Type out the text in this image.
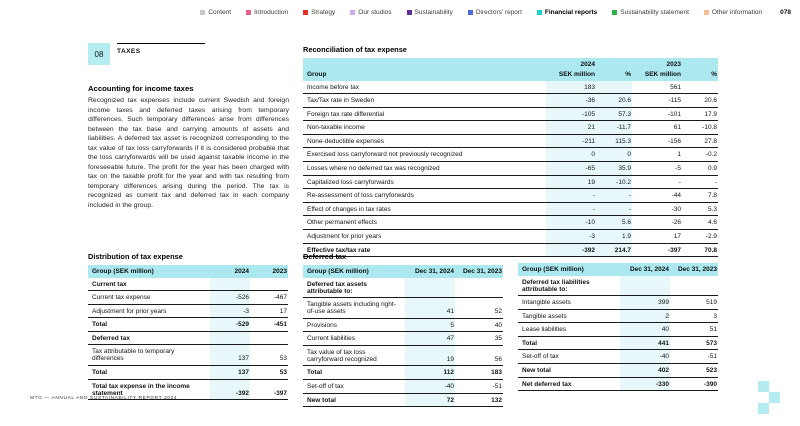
Content	Introduction	Strategy	Our studios	Sustainability	Directors' report	Financial reports	Sustainability statement	Other information	078
08 TAXES
Accounting for income taxes

Recognized tax expenses include current Swedish and foreign income taxes and deferred taxes arising from temporary differences. Such temporary differences arise from differences between the tax base and carrying amounts of assets and liabilities. A deferred tax asset is recognized corresponding to the tax value of tax loss carryforwards if it is considered probable that the loss carryforwards will be used against taxable income in the foreseeable future. The profit for the year has been charged with tax on the taxable profit for the year and with tax resulting from temporary differences arising during the period. The tax is recognized as current tax and deferred tax in each company included in the group.

Reconciliation of tax expense
	2024		2023	
Group	SEK million	%	SEK million	%
Income before tax	183		561	
Tax/Tax rate in Sweden	-36	20.6	-115	20.6
Foreign tax rate differential	-105	57.3	-101	17.9
Non-taxable income	21	-11.7	61	-10.8
None-deductible expenses	-211	115.3	-156	27.8
Exercised loss carryforward not previously recognized	0	0	1	-0.2
Losses where no deferred tax was recognized	-65	35.9	-5	0.9
Capitalized loss carryforwards	19	-10.2	-	-
Re-assessment of loss carryforwards	-	-	-44	7.8
Effect of changes in tax rates	-	-	-30	5.3
Other permanent effects	-10	5.6	-26	4.6
Adjustment for prior years	-3	1.9	17	-2.9
Effective tax/tax rate	-392	214.7	-397	70.8
Distribution of tax expense
Group (SEK million)	2024	2023
Current tax		
Current tax expense	-526	-467
Adjustment for prior years	-3	17
Total	-529	-451
Deferred tax		
Tax attributable to temporary differences	137	53
Total	137	53
Total tax expense in the income statement	-392	-397
Deferred tax
Group (SEK million)	Dec 31, 2024	Dec 31, 2023
Deferred tax assets attributable to:		
Tangible assets including right-of-use assets	41	52
Provisions	5	40
Current liabilities	47	35
Tax value of tax loss carryforward recognized	19	56
Total	112	183
Set-off of tax	-40	-51
New total	72	132
Group (SEK million)	Dec 31, 2024	Dec 31, 2023
Deferred tax liabilities attributable to:		
Intangible assets	399	519
Tangible assets	2	3
Lease liabilities	40	51
Total	441	573
Set-off of tax	-40	-51
New total	402	523
Net deferred tax	-330	-390
MTG — ANNUAL AND SUSTAINABILITY REPORT 2024
